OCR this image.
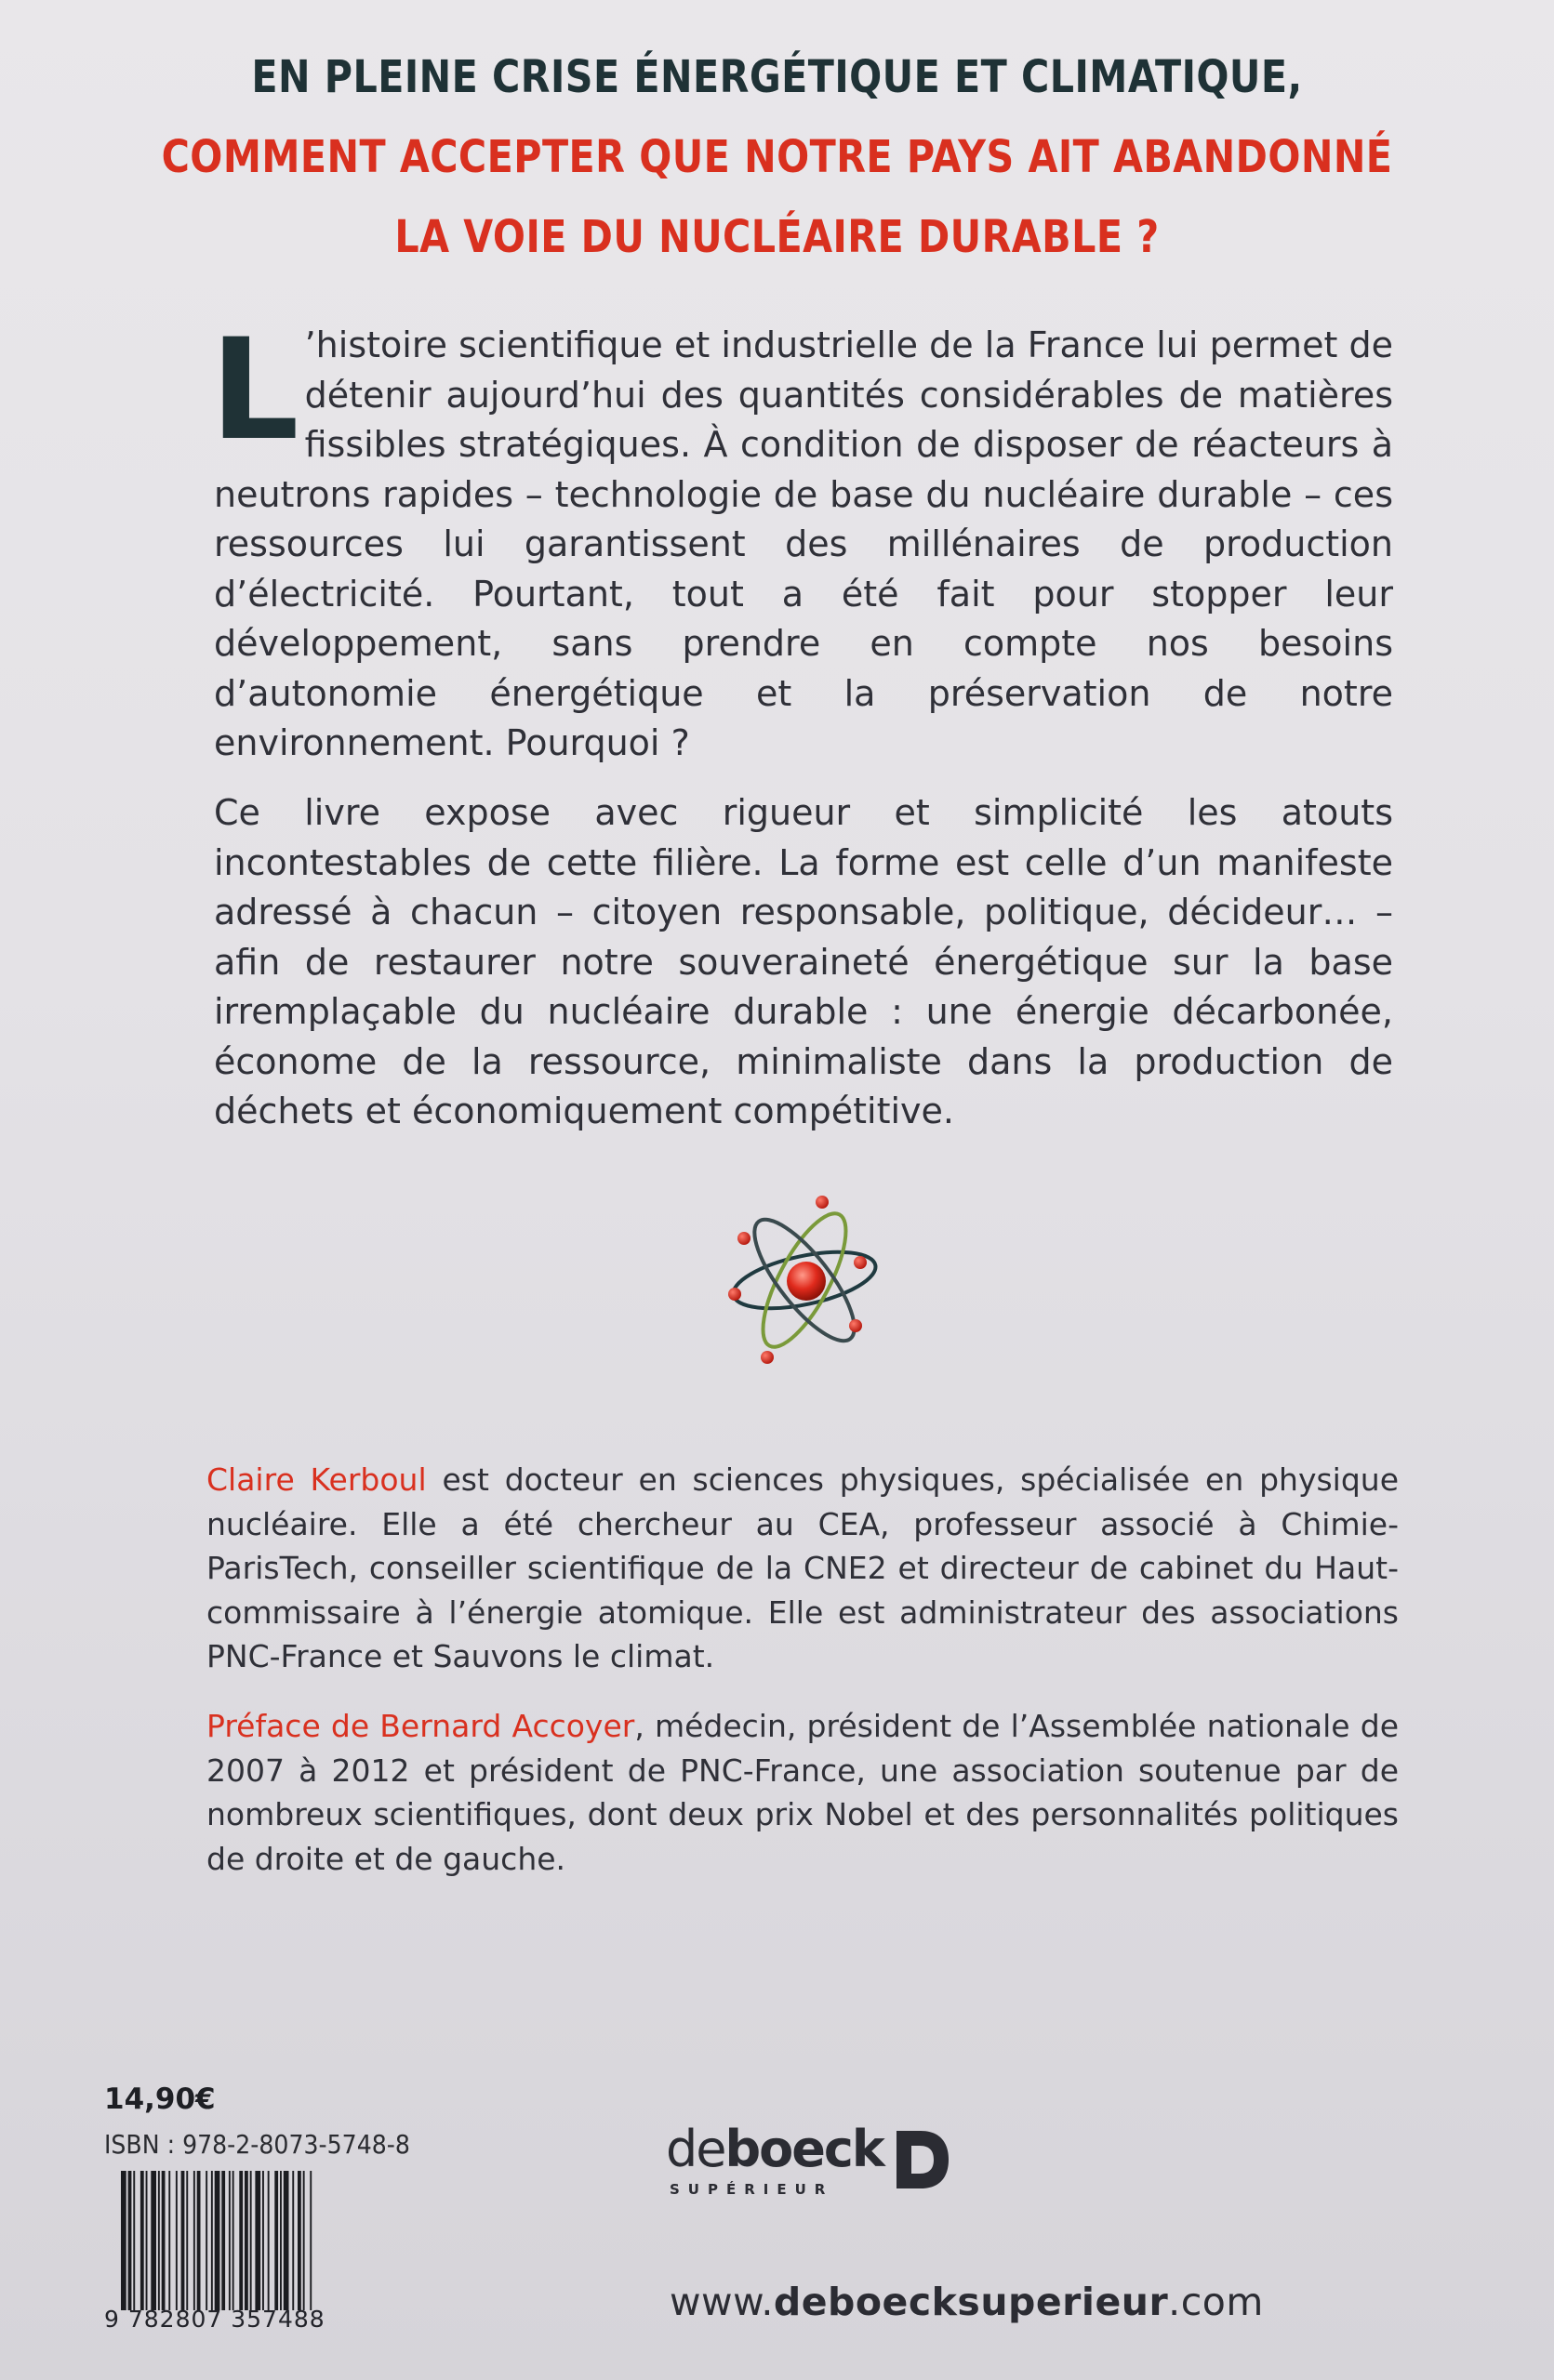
EN PLEINE CRISE ÉNERGÉTIQUE ET CLIMATIQUE,
COMMENT ACCEPTER QUE NOTRE PAYS AIT ABANDONNÉ
LA VOIE DU NUCLÉAIRE DURABLE ?

L ’histoire scientifique et industrielle de la France lui permet de détenir aujourd’hui des quantités considérables de matières fissibles stratégiques. À condition de disposer de réacteurs à neutrons rapides – technologie de base du nucléaire durable – ces ressources lui garantissent des millénaires de production d’électricité. Pourtant, tout a été fait pour stopper leur développement, sans prendre en compte nos besoins d’autonomie énergétique et la préservation de notre environnement. Pourquoi ?

Ce livre expose avec rigueur et simplicité les atouts incontestables de cette filière. La forme est celle d’un manifeste adressé à chacun – citoyen responsable, politique, décideur… – afin de restaurer notre souveraineté énergétique sur la base irremplaçable du nucléaire durable : une énergie décarbonée, économe de la ressource, minimaliste dans la production de déchets et économiquement compétitive.

Claire Kerboul est docteur en sciences physiques, spécialisée en physique nucléaire. Elle a été chercheur au CEA, professeur associé à Chimie-ParisTech, conseiller scientifique de la CNE2 et directeur de cabinet du Haut-commissaire à l’énergie atomique. Elle est administrateur des associations PNC-France et Sauvons le climat.

Préface de Bernard Accoyer, médecin, président de l’Assemblée nationale de 2007 à 2012 et président de PNC-France, une association soutenue par de nombreux scientifiques, dont deux prix Nobel et des personnalités politiques de droite et de gauche.

14,90€
ISBN : 978-2-8073-5748-8
9 782807 357488
deboeck
SUPÉRIEUR
www.deboecksuperieur.com
